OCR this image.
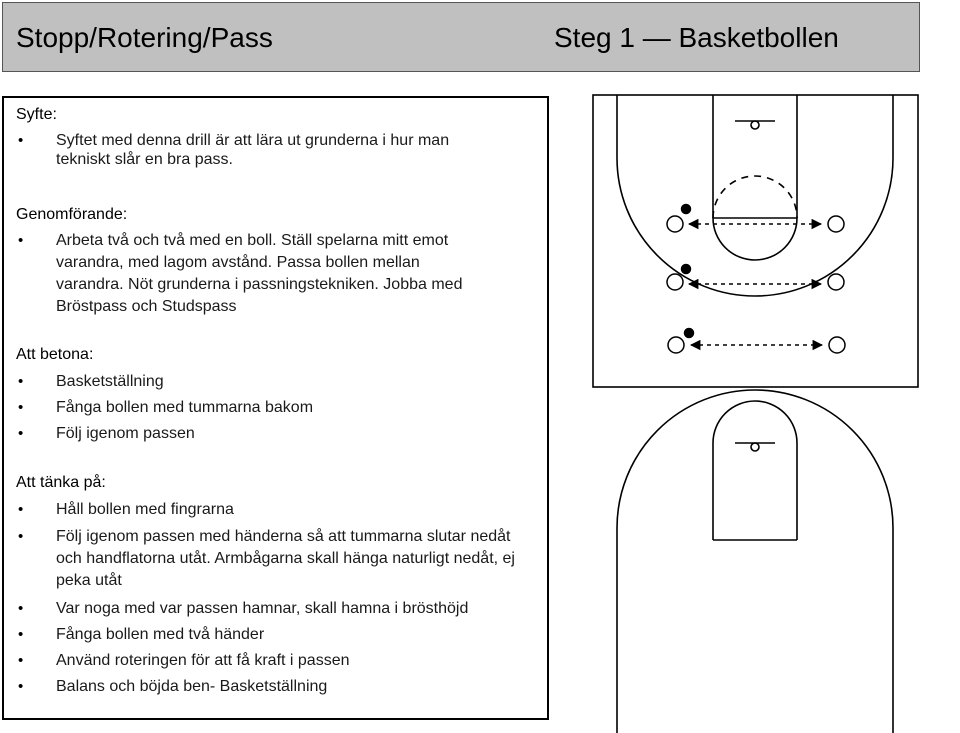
Stopp/Rotering/Pass	Steg 1 — Basketbollen
Syfte:
• Syftet med denna drill är att lära ut grunderna i hur man tekniskt slår en bra pass.
Genomförande:
• Arbeta två och två med en boll. Ställ spelarna mitt emot varandra, med lagom avstånd. Passa bollen mellan varandra. Nöt grunderna i passningstekniken. Jobba med Bröstpass och Studspass
Att betona:
• Basketställning
• Fånga bollen med tummarna bakom
• Följ igenom passen
Att tänka på:
• Håll bollen med fingrarna
• Följ igenom passen med händerna så att tummarna slutar nedåt och handflatorna utåt. Armbågarna skall hänga naturligt nedåt, ej peka utåt
• Var noga med var passen hamnar, skall hamna i brösthöjd
• Fånga bollen med två händer
• Använd roteringen för att få kraft i passen
• Balans och böjda ben- Basketställning
